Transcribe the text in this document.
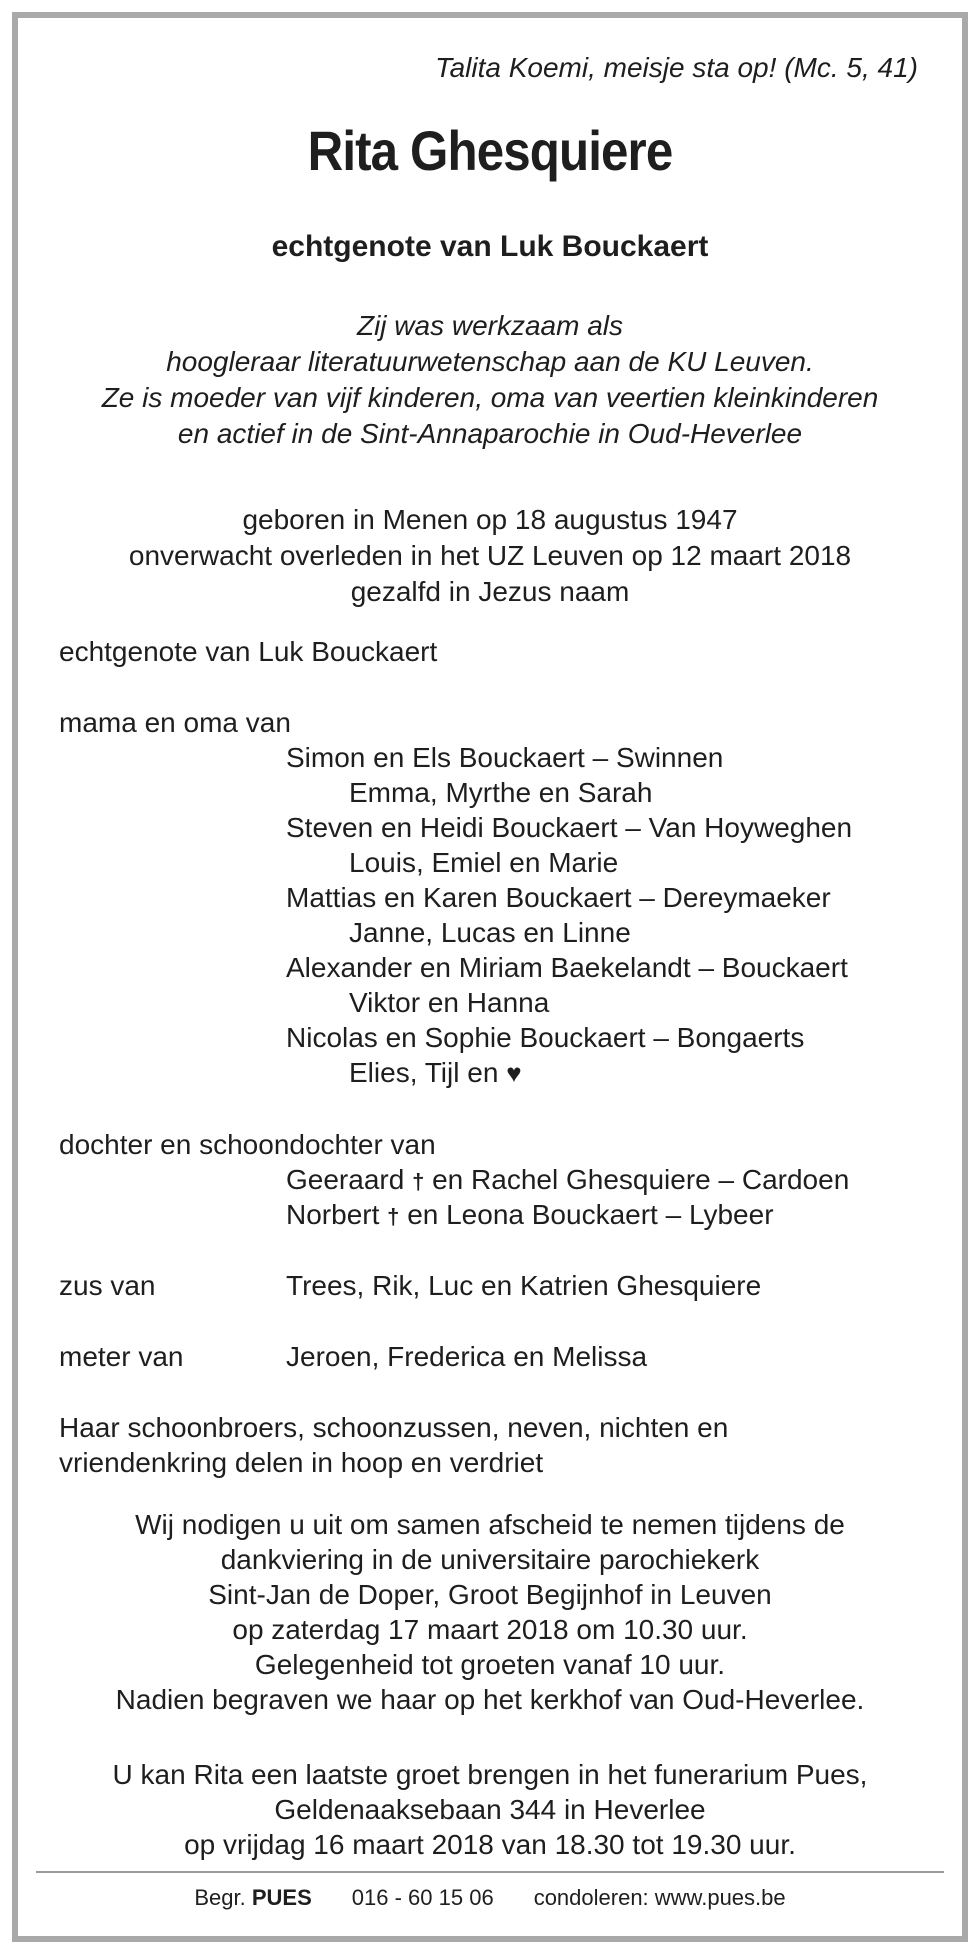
Talita Koemi, meisje sta op! (Mc. 5, 41)
Rita Ghesquiere
echtgenote van Luk Bouckaert
Zij was werkzaam als
hoogleraar literatuurwetenschap aan de KU Leuven.
Ze is moeder van vijf kinderen, oma van veertien kleinkinderen
en actief in de Sint-Annaparochie in Oud-Heverlee
geboren in Menen op 18 augustus 1947
onverwacht overleden in het UZ Leuven op 12 maart 2018
gezalfd in Jezus naam
echtgenote van Luk Bouckaert
mama en oma van
Simon en Els Bouckaert – Swinnen
Emma, Myrthe en Sarah
Steven en Heidi Bouckaert – Van Hoyweghen
Louis, Emiel en Marie
Mattias en Karen Bouckaert – Dereymaeker
Janne, Lucas en Linne
Alexander en Miriam Baekelandt – Bouckaert
Viktor en Hanna
Nicolas en Sophie Bouckaert – Bongaerts
Elies, Tijl en ♥
dochter en schoondochter van
Geeraard † en Rachel Ghesquiere – Cardoen
Norbert † en Leona Bouckaert – Lybeer
zus van	Trees, Rik, Luc en Katrien Ghesquiere
meter van	Jeroen, Frederica en Melissa
Haar schoonbroers, schoonzussen, neven, nichten en
vriendenkring delen in hoop en verdriet
Wij nodigen u uit om samen afscheid te nemen tijdens de
dankviering in de universitaire parochiekerk
Sint-Jan de Doper, Groot Begijnhof in Leuven
op zaterdag 17 maart 2018 om 10.30 uur.
Gelegenheid tot groeten vanaf 10 uur.
Nadien begraven we haar op het kerkhof van Oud-Heverlee.
U kan Rita een laatste groet brengen in het funerarium Pues,
Geldenaaksebaan 344 in Heverlee
op vrijdag 16 maart 2018 van 18.30 tot 19.30 uur.
Begr. PUES 016 - 60 15 06 condoleren: www.pues.be
